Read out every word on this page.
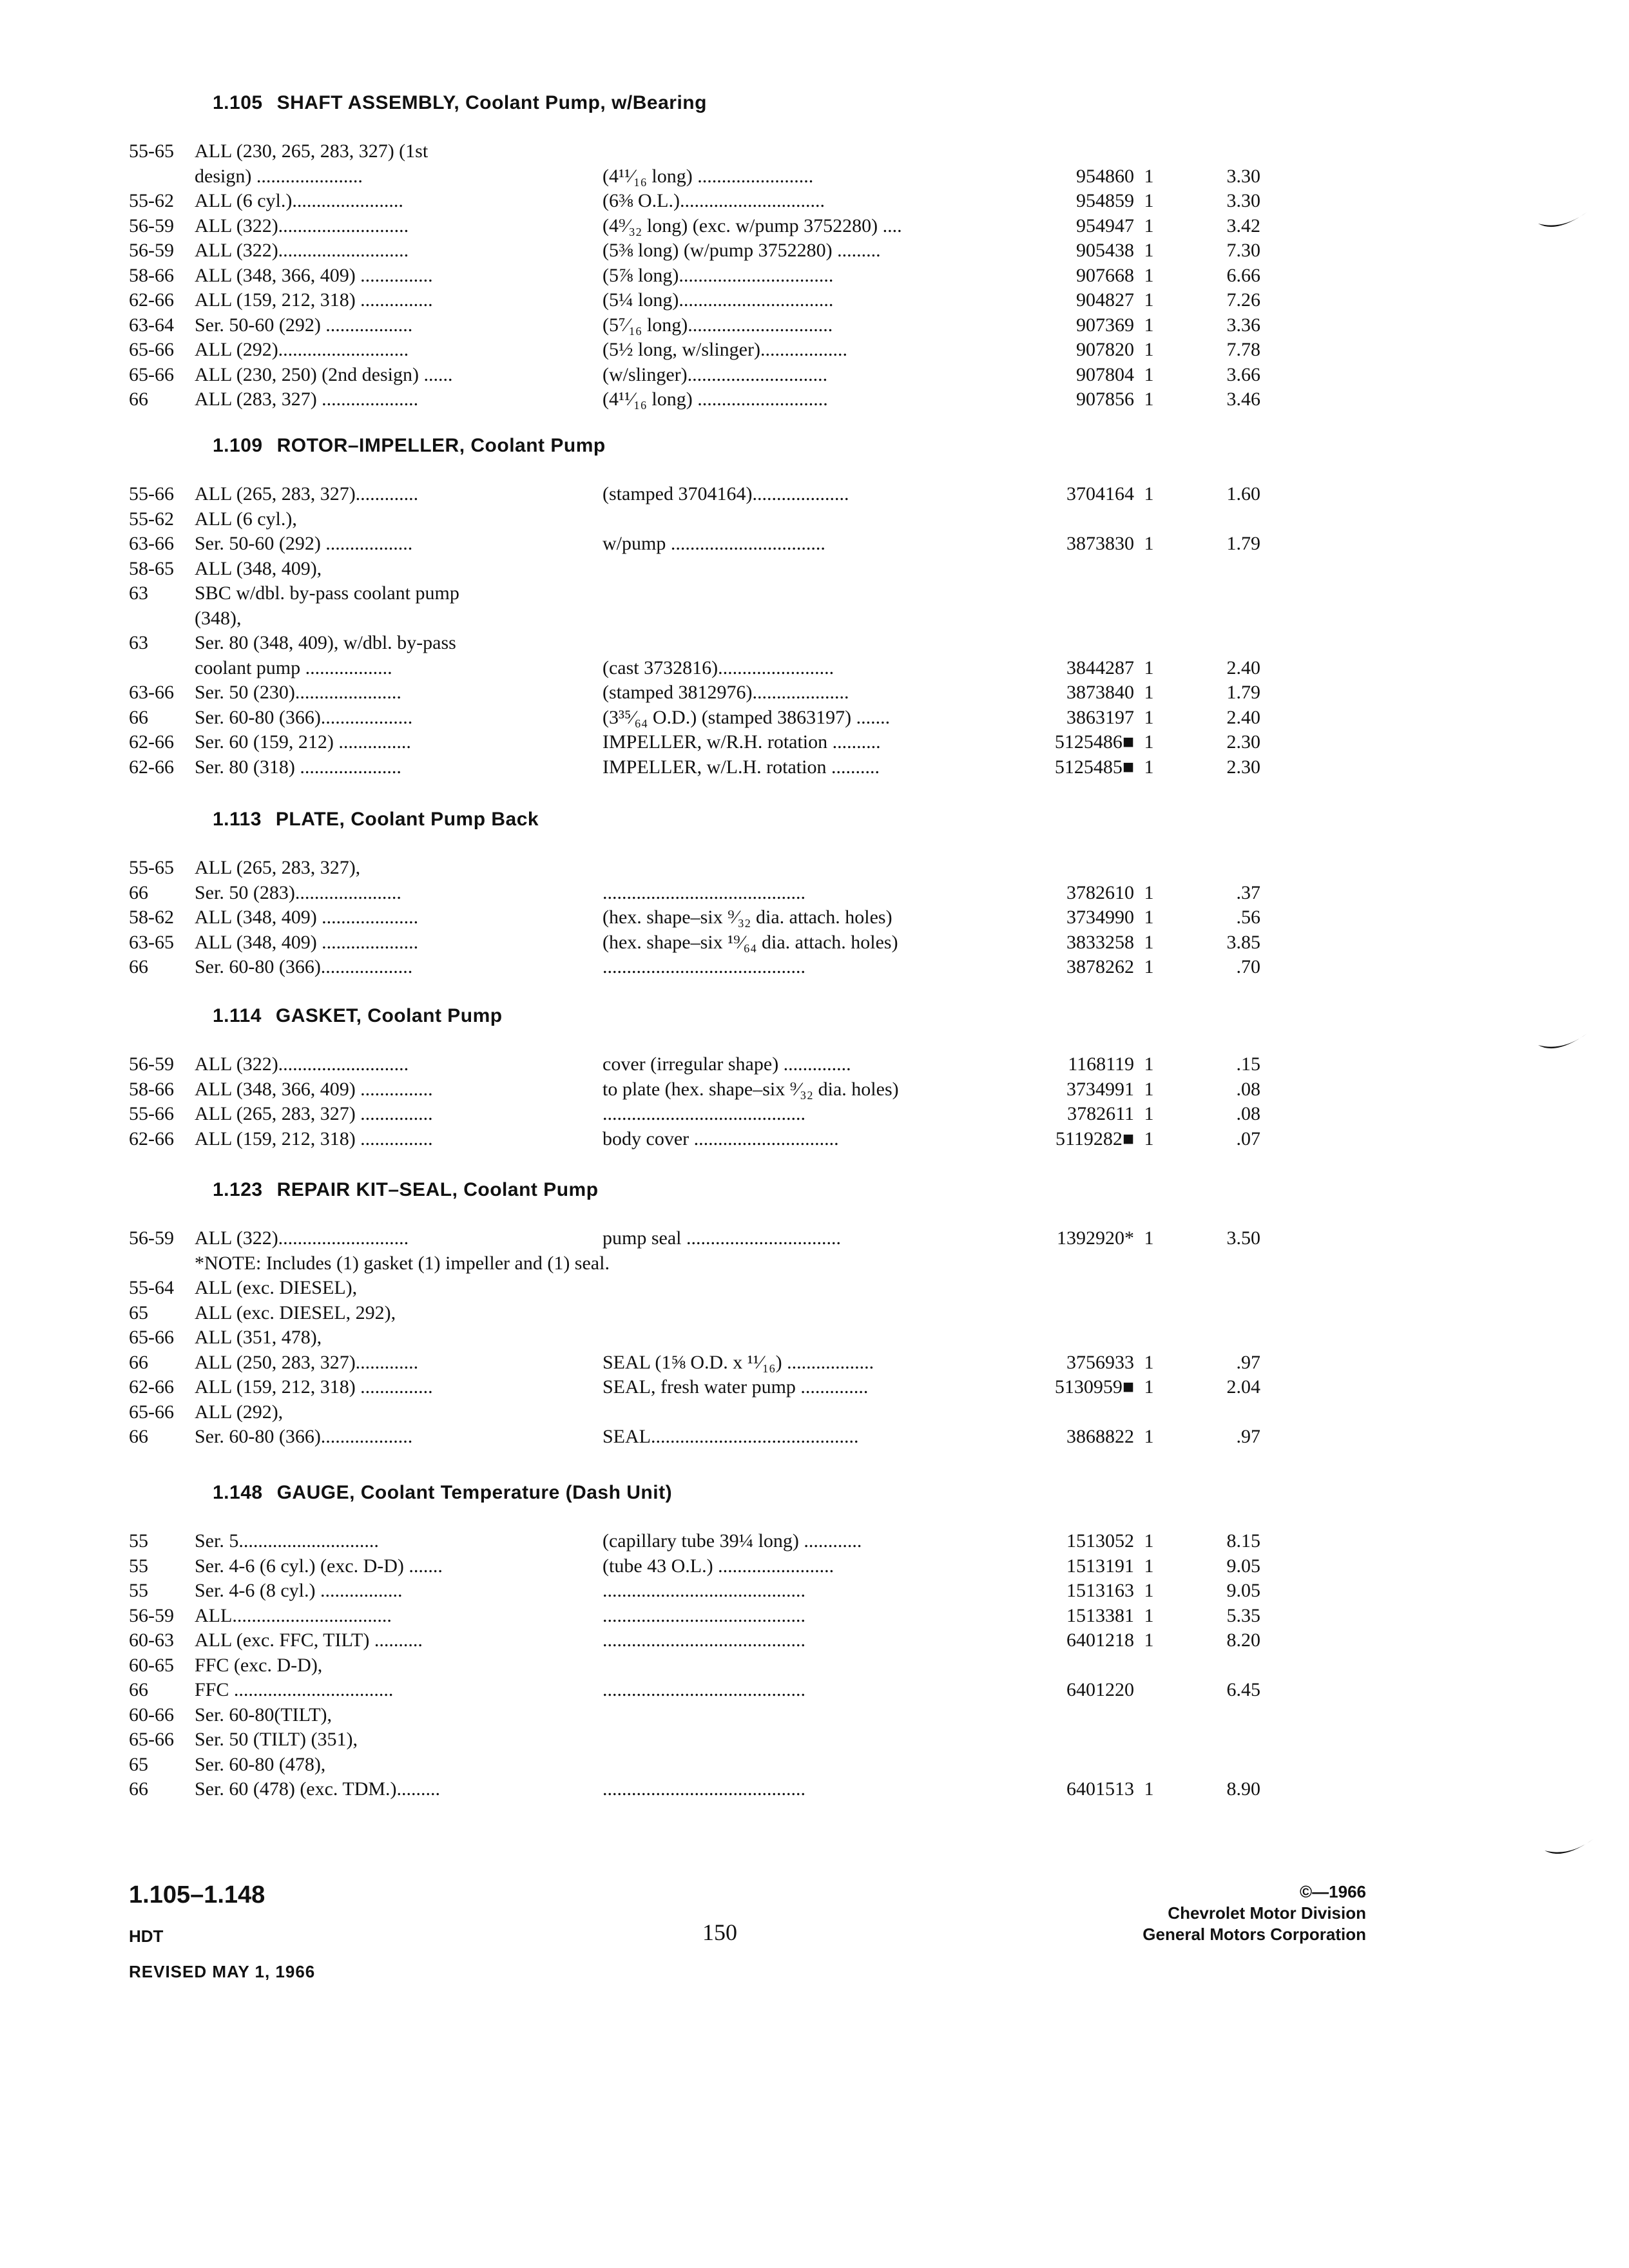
1.105 SHAFT ASSEMBLY, Coolant Pump, w/Bearing
55-65	ALL (230, 265, 283, 327) (1st
design) ......................	(4¹¹⁄₁₆ long) ........................	954860 1	3.30
55-62	ALL (6 cyl.).......................	(6⅜ O.L.)..............................	954859 1	3.30
56-59	ALL (322)...........................	(4⁹⁄₃₂ long) (exc. w/pump 3752280) ....	954947 1	3.42
56-59	ALL (322)...........................	(5⅜ long) (w/pump 3752280) .........	905438 1	7.30
58-66	ALL (348, 366, 409) ...............	(5⅞ long)................................	907668 1	6.66
62-66	ALL (159, 212, 318) ...............	(5¼ long)................................	904827 1	7.26
63-64	Ser. 50-60 (292) ..................	(5⁷⁄₁₆ long)..............................	907369 1	3.36
65-66	ALL (292)...........................	(5½ long, w/slinger)..................	907820 1	7.78
65-66	ALL (230, 250) (2nd design) ......	(w/slinger).............................	907804 1	3.66
66	ALL (283, 327) ....................	(4¹¹⁄₁₆ long) ...........................	907856 1	3.46
1.109 ROTOR–IMPELLER, Coolant Pump
55-66	ALL (265, 283, 327).............	(stamped 3704164)....................	3704164 1	1.60
55-62	ALL (6 cyl.),
63-66	Ser. 50-60 (292) ..................	w/pump ................................	3873830 1	1.79
58-65	ALL (348, 409),
63	SBC w/dbl. by-pass coolant pump
(348),
63	Ser. 80 (348, 409), w/dbl. by-pass
coolant pump ..................	(cast 3732816)........................	3844287 1	2.40
63-66	Ser. 50 (230)......................	(stamped 3812976)....................	3873840 1	1.79
66	Ser. 60-80 (366)...................	(3³⁵⁄₆₄ O.D.) (stamped 3863197) .......	3863197 1	2.40
62-66	Ser. 60 (159, 212) ...............	IMPELLER, w/R.H. rotation ..........	5125486■ 1	2.30
62-66	Ser. 80 (318) .....................	IMPELLER, w/L.H. rotation ..........	5125485■ 1	2.30
1.113 PLATE, Coolant Pump Back
55-65	ALL (265, 283, 327),
66	Ser. 50 (283)......................	..........................................	3782610 1	.37
58-62	ALL (348, 409) ....................	(hex. shape–six ⁹⁄₃₂ dia. attach. holes)	3734990 1	.56
63-65	ALL (348, 409) ....................	(hex. shape–six ¹⁹⁄₆₄ dia. attach. holes)	3833258 1	3.85
66	Ser. 60-80 (366)...................	..........................................	3878262 1	.70
1.114 GASKET, Coolant Pump
56-59	ALL (322)...........................	cover (irregular shape) ..............	1168119 1	.15
58-66	ALL (348, 366, 409) ...............	to plate (hex. shape–six ⁹⁄₃₂ dia. holes)	3734991 1	.08
55-66	ALL (265, 283, 327) ...............	..........................................	3782611 1	.08
62-66	ALL (159, 212, 318) ...............	body cover ..............................	5119282■ 1	.07
1.123 REPAIR KIT–SEAL, Coolant Pump
56-59	ALL (322)...........................	pump seal ................................	1392920* 1	3.50
*NOTE: Includes (1) gasket (1) impeller and (1) seal.
55-64	ALL (exc. DIESEL),
65	ALL (exc. DIESEL, 292),
65-66	ALL (351, 478),
66	ALL (250, 283, 327).............	SEAL (1⅝ O.D. x ¹¹⁄₁₆) ..................	3756933 1	.97
62-66	ALL (159, 212, 318) ...............	SEAL, fresh water pump ..............	5130959■ 1	2.04
65-66	ALL (292),
66	Ser. 60-80 (366)...................	SEAL...........................................	3868822 1	.97
1.148 GAUGE, Coolant Temperature (Dash Unit)
55	Ser. 5.............................	(capillary tube 39¼ long) ............	1513052 1	8.15
55	Ser. 4-6 (6 cyl.) (exc. D-D) .......	(tube 43 O.L.) ........................	1513191 1	9.05
55	Ser. 4-6 (8 cyl.) .................	..........................................	1513163 1	9.05
56-59	ALL.................................	..........................................	1513381 1	5.35
60-63	ALL (exc. FFC, TILT) ..........	..........................................	6401218 1	8.20
60-65	FFC (exc. D-D),
66	FFC .................................	..........................................	6401220	6.45
60-66	Ser. 60-80(TILT),
65-66	Ser. 50 (TILT) (351),
65	Ser. 60-80 (478),
66	Ser. 60 (478) (exc. TDM.).........	..........................................	6401513 1	8.90
1.105–1.148
HDT
REVISED MAY 1, 1966
150
©—1966
Chevrolet Motor Division
General Motors Corporation
